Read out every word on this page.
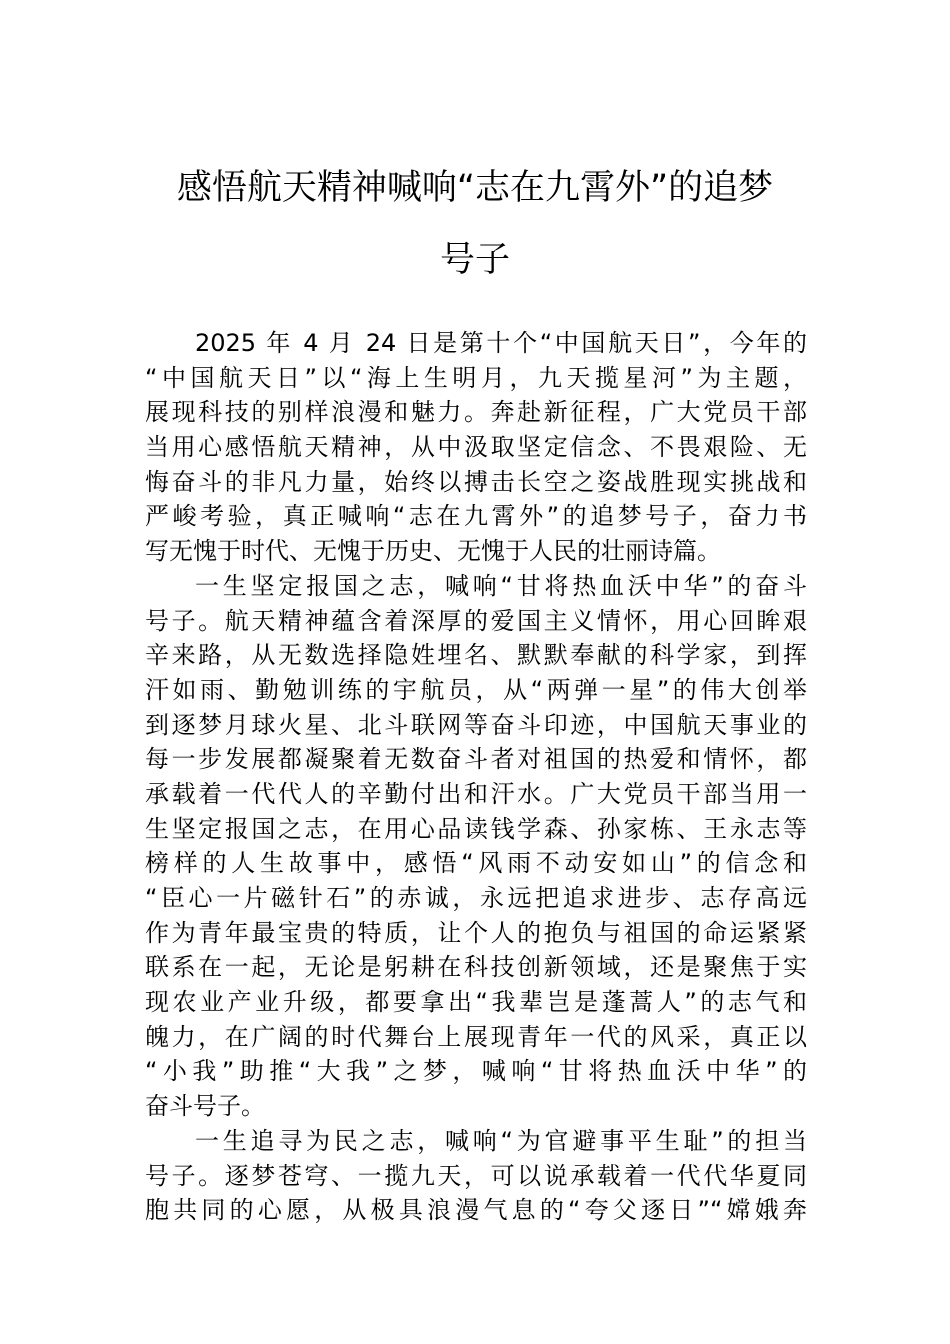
感悟航天精神喊响“志在九霄外”的追梦
号子
2025 年 4 月 24 日是第十个“中国航天日”，今年的
“中国航天日”以“海上生明月，九天揽星河”为主题，
展现科技的别样浪漫和魅力。奔赴新征程，广大党员干部
当用心感悟航天精神，从中汲取坚定信念、不畏艰险、无
悔奋斗的非凡力量，始终以搏击长空之姿战胜现实挑战和
严峻考验，真正喊响“志在九霄外”的追梦号子，奋力书
写无愧于时代、无愧于历史、无愧于人民的壮丽诗篇。
一生坚定报国之志，喊响“甘将热血沃中华”的奋斗
号子。航天精神蕴含着深厚的爱国主义情怀，用心回眸艰
辛来路，从无数选择隐姓埋名、默默奉献的科学家，到挥
汗如雨、勤勉训练的宇航员，从“两弹一星”的伟大创举
到逐梦月球火星、北斗联网等奋斗印迹，中国航天事业的
每一步发展都凝聚着无数奋斗者对祖国的热爱和情怀，都
承载着一代代人的辛勤付出和汗水。广大党员干部当用一
生坚定报国之志，在用心品读钱学森、孙家栋、王永志等
榜样的人生故事中，感悟“风雨不动安如山”的信念和
“臣心一片磁针石”的赤诚，永远把追求进步、志存高远
作为青年最宝贵的特质，让个人的抱负与祖国的命运紧紧
联系在一起，无论是躬耕在科技创新领域，还是聚焦于实
现农业产业升级，都要拿出“我辈岂是蓬蒿人”的志气和
魄力，在广阔的时代舞台上展现青年一代的风采，真正以
“小我”助推“大我”之梦，喊响“甘将热血沃中华”的
奋斗号子。
一生追寻为民之志，喊响“为官避事平生耻”的担当
号子。逐梦苍穹、一揽九天，可以说承载着一代代华夏同
胞共同的心愿，从极具浪漫气息的“夸父逐日”“嫦娥奔
